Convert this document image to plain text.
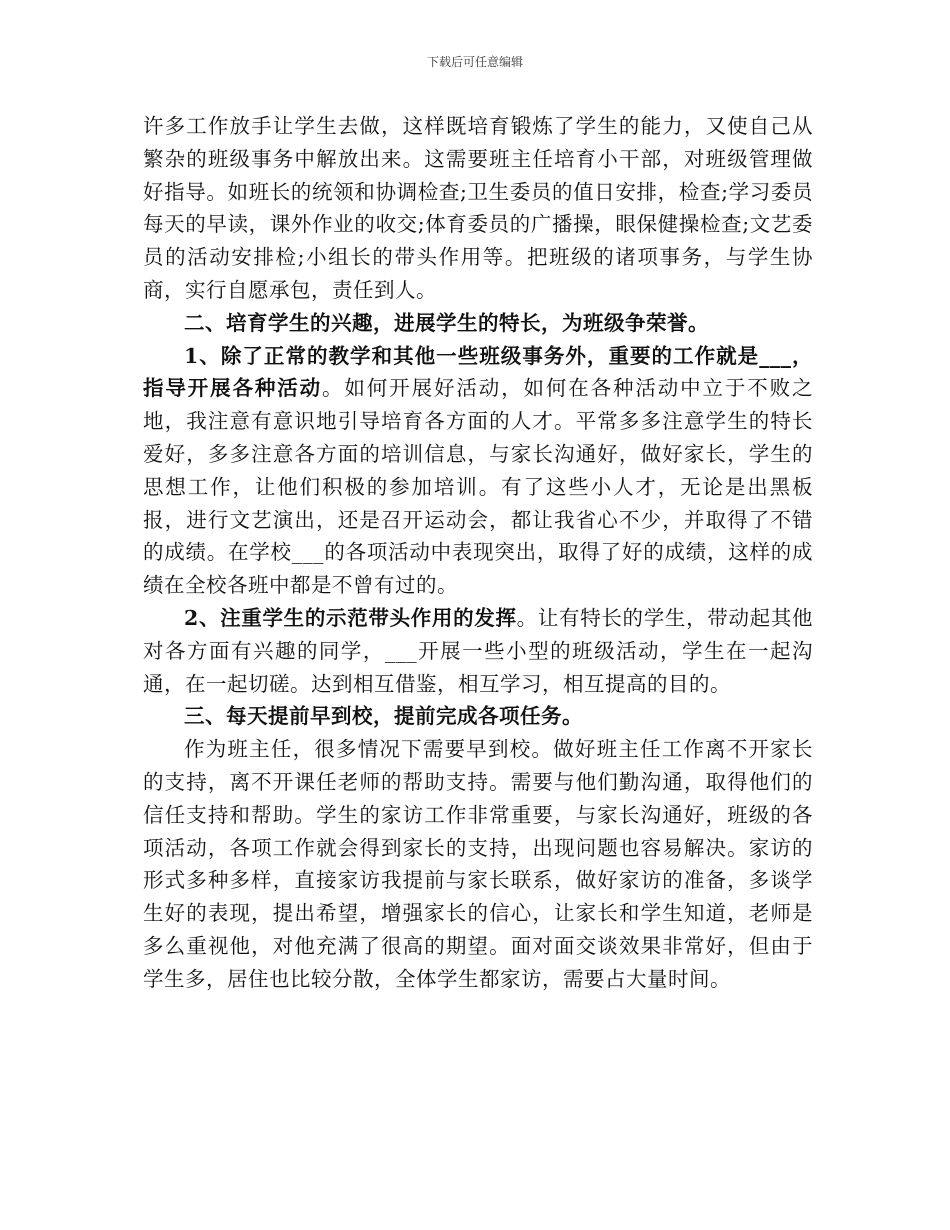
下载后可任意编辑

许多工作放手让学生去做，这样既培育锻炼了学生的能力，又使自己从繁杂的班级事务中解放出来。这需要班主任培育小干部，对班级管理做好指导。如班长的统领和协调检查;卫生委员的值日安排，检查;学习委员每天的早读，课外作业的收交;体育委员的广播操，眼保健操检查;文艺委员的活动安排检;小组长的带头作用等。把班级的诸项事务，与学生协商，实行自愿承包，责任到人。

二、培育学生的兴趣，进展学生的特长，为班级争荣誉。

1、除了正常的教学和其他一些班级事务外，重要的工作就是___，指导开展各种活动。如何开展好活动，如何在各种活动中立于不败之地，我注意有意识地引导培育各方面的人才。平常多多注意学生的特长爱好，多多注意各方面的培训信息，与家长沟通好，做好家长，学生的思想工作，让他们积极的参加培训。有了这些小人才，无论是出黑板报，进行文艺演出，还是召开运动会，都让我省心不少，并取得了不错的成绩。在学校___的各项活动中表现突出，取得了好的成绩，这样的成绩在全校各班中都是不曾有过的。

2、注重学生的示范带头作用的发挥。让有特长的学生，带动起其他对各方面有兴趣的同学，___开展一些小型的班级活动，学生在一起沟通，在一起切磋。达到相互借鉴，相互学习，相互提高的目的。

三、每天提前早到校，提前完成各项任务。

作为班主任，很多情况下需要早到校。做好班主任工作离不开家长的支持，离不开课任老师的帮助支持。需要与他们勤沟通，取得他们的信任支持和帮助。学生的家访工作非常重要，与家长沟通好，班级的各项活动，各项工作就会得到家长的支持，出现问题也容易解决。家访的形式多种多样，直接家访我提前与家长联系，做好家访的准备，多谈学生好的表现，提出希望，增强家长的信心，让家长和学生知道，老师是多么重视他，对他充满了很高的期望。面对面交谈效果非常好，但由于学生多，居住也比较分散，全体学生都家访，需要占大量时间。
